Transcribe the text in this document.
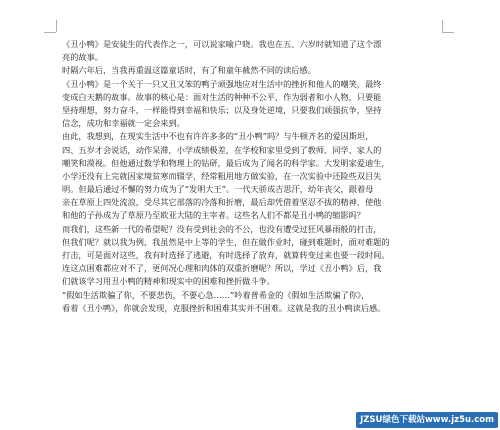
《丑小鸭》是安徒生的代表作之一，可以说家喻户晓。我也在五、六岁时就知道了这个漂
亮的故事。
时隔六年后，当我再重温这篇童话时，有了和童年截然不同的读后感。
《丑小鸭》是一个关于一只又丑又笨的鸭子顽强地应对生活中的挫折和他人的嘲笑，最终
变成白天鹅的故事。故事的核心是：面对生活的种种不公平，作为弱者和小人物，只要能
坚持理想，努力奋斗，一样能得到幸福和快乐；以及身处逆境，只要我们顽强抗争，坚持
信念，成功和幸福就一定会来到。
由此，我想到，在现实生活中不也有许许多多的“丑小鸭”吗？与牛顿齐名的爱因斯坦，
四、五岁才会说话，动作呆滞，小学成绩极差，在学校和家里受到了教师、同学、家人的
嘲笑和漠视。但他通过数学和物理上的钻研，最后成为了闻名的科学家。大发明家爱迪生，
小学还没有上完就因家境贫寒而辍学，经常粗用地方做实验，在一次实验中还险些双目失
明。但最后通过不懈的努力成为了“发明大王”。一代天骄成吉思汗，幼年丧父，跟着母
亲在草原上四处流浪，受尽其它部落的冷落和折磨，最后却凭借着坚忍不拔的精神，使他
和他的子孙成为了草原乃至欧亚大陆的主宰者。这些名人们不都是丑小鸭的缩影吗？
而我们，这些新一代的希望呢？没有受到社会的不公，也没有遭受过狂风暴雨般的打击，
但我们呢？就以我为例，我虽然是中上等的学生，但在做作业时，碰到难题时，面对难题的
打击，可是面对这些，我有时选择了逃避，有时选择了放弃，就算转变过来也要一段时间。
连这点困难都应对不了，更何况心理和肉体的双重折磨呢？所以，学过《丑小鸭》后，我
们就该学习用丑小鸭的精神和现实中的困难和挫折做斗争。
“假如生活欺骗了你，不要悲伤，不要心急……”吟着普希金的《假如生活欺骗了你》，
看着《丑小鸭》，你就会发现，克服挫折和困难其实并不困难。这就是我的丑小鸭读后感。
JZSU绿色下载站www.jz5u.com
